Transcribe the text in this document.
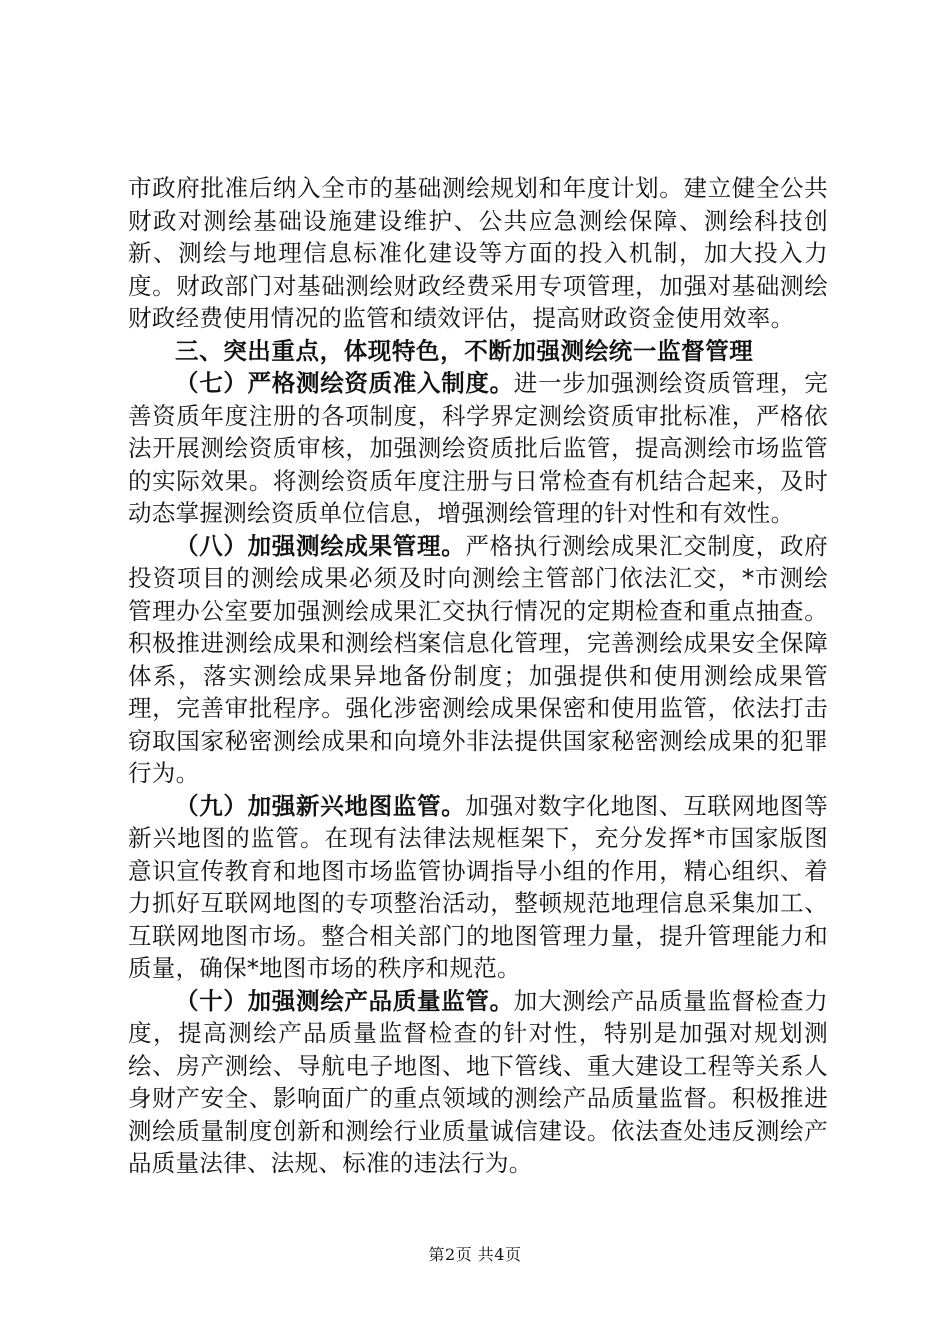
市政府批准后纳入全市的基础测绘规划和年度计划。建立健全公共财政对测绘基础设施建设维护、公共应急测绘保障、测绘科技创新、测绘与地理信息标准化建设等方面的投入机制，加大投入力度。财政部门对基础测绘财政经费采用专项管理，加强对基础测绘财政经费使用情况的监管和绩效评估，提高财政资金使用效率。

三、突出重点，体现特色，不断加强测绘统一监督管理

（七）严格测绘资质准入制度。进一步加强测绘资质管理，完善资质年度注册的各项制度，科学界定测绘资质审批标准，严格依法开展测绘资质审核，加强测绘资质批后监管，提高测绘市场监管的实际效果。将测绘资质年度注册与日常检查有机结合起来，及时动态掌握测绘资质单位信息，增强测绘管理的针对性和有效性。

（八）加强测绘成果管理。严格执行测绘成果汇交制度，政府投资项目的测绘成果必须及时向测绘主管部门依法汇交，*市测绘管理办公室要加强测绘成果汇交执行情况的定期检查和重点抽查。积极推进测绘成果和测绘档案信息化管理，完善测绘成果安全保障体系，落实测绘成果异地备份制度；加强提供和使用测绘成果管理，完善审批程序。强化涉密测绘成果保密和使用监管，依法打击窃取国家秘密测绘成果和向境外非法提供国家秘密测绘成果的犯罪行为。

（九）加强新兴地图监管。加强对数字化地图、互联网地图等新兴地图的监管。在现有法律法规框架下，充分发挥*市国家版图意识宣传教育和地图市场监管协调指导小组的作用，精心组织、着力抓好互联网地图的专项整治活动，整顿规范地理信息采集加工、互联网地图市场。整合相关部门的地图管理力量，提升管理能力和质量，确保*地图市场的秩序和规范。

（十）加强测绘产品质量监管。加大测绘产品质量监督检查力度，提高测绘产品质量监督检查的针对性，特别是加强对规划测绘、房产测绘、导航电子地图、地下管线、重大建设工程等关系人身财产安全、影响面广的重点领域的测绘产品质量监督。积极推进测绘质量制度创新和测绘行业质量诚信建设。依法查处违反测绘产品质量法律、法规、标准的违法行为。

第2页 共4页
